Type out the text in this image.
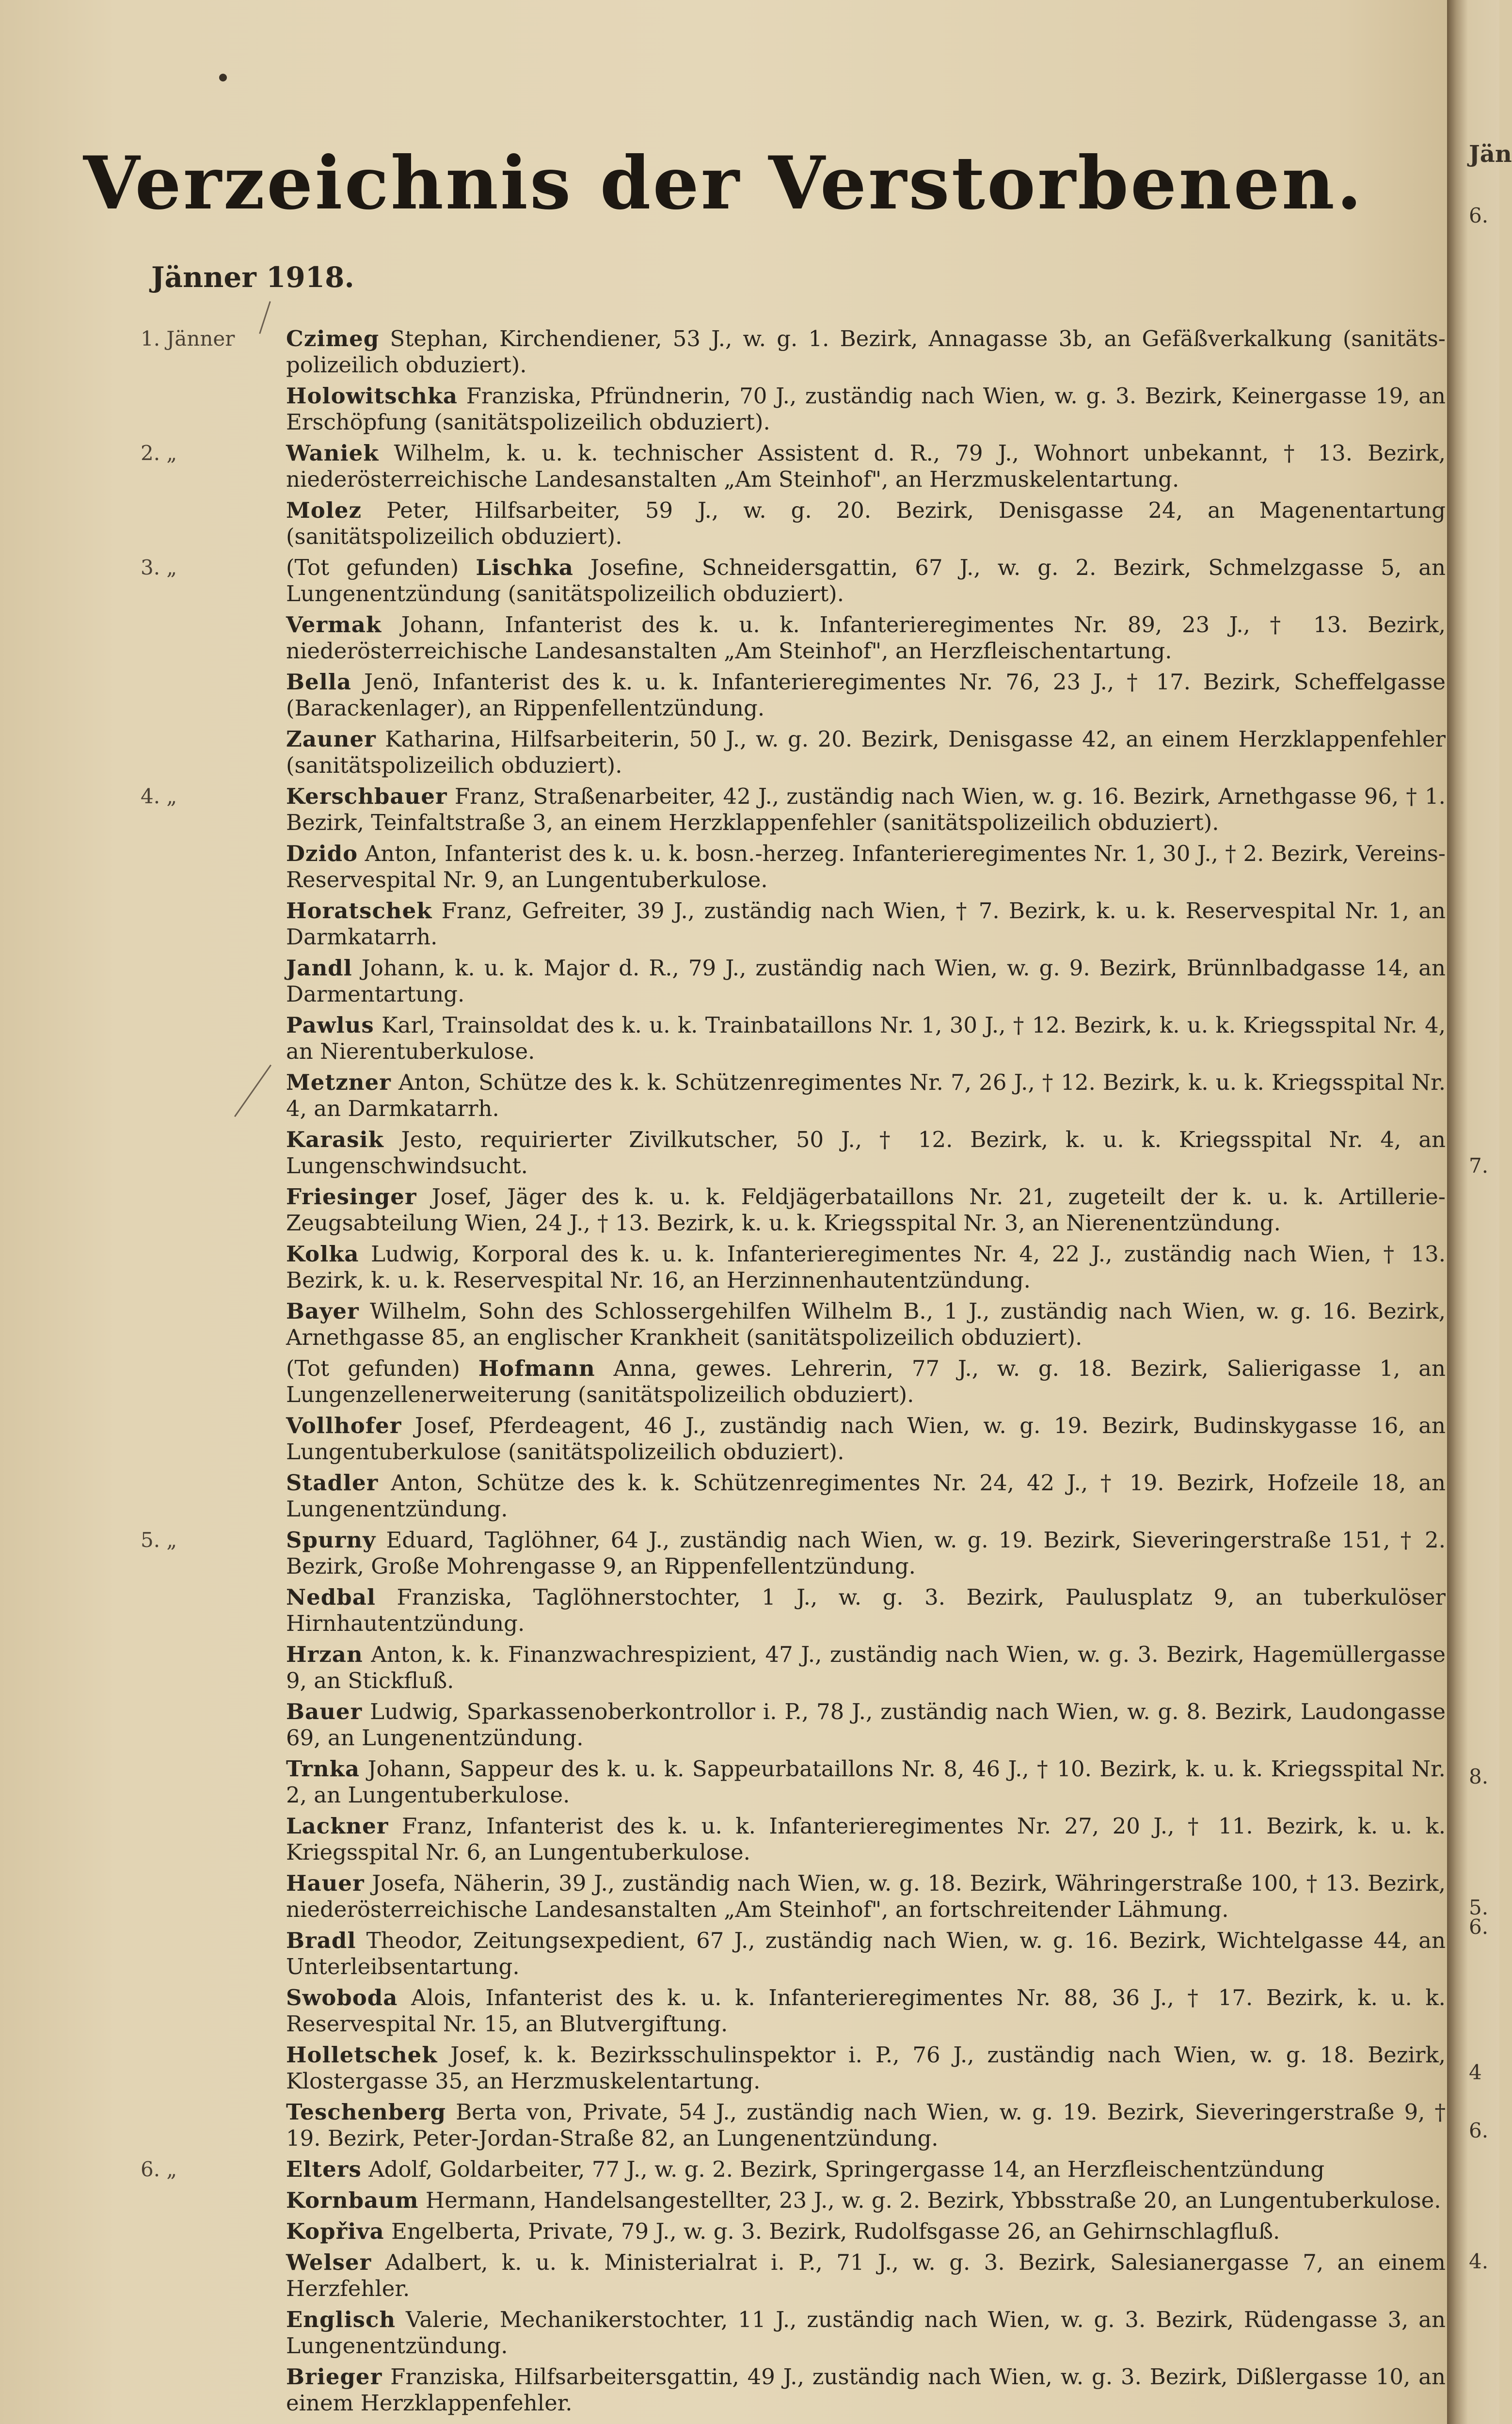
Verzeichnis der Verstorbenen.
Jänner 1918.
1. Jänner Czimeg Stephan, Kirchendiener, 53 J., w. g. 1. Bezirk, Annagasse 3b, an Gefäßverkalkung (sanitäts-polizeilich obduziert).
Holowitschka Franziska, Pfründnerin, 70 J., zuständig nach Wien, w. g. 3. Bezirk, Keinergasse 19, an Erschöpfung (sanitätspolizeilich obduziert).
2. „	Waniek Wilhelm, k. u. k. technischer Assistent d. R., 79 J., Wohnort unbekannt, † 13. Bezirk, niederösterreichische Landesanstalten „Am Steinhof", an Herzmuskelentartung.
Molez Peter, Hilfsarbeiter, 59 J., w. g. 20. Bezirk, Denisgasse 24, an Magenentartung (sanitätspolizeilich obduziert).
3. „	(Tot gefunden) Lischka Josefine, Schneidersgattin, 67 J., w. g. 2. Bezirk, Schmelzgasse 5, an Lungenentzündung (sanitätspolizeilich obduziert).
Vermak Johann, Infanterist des k. u. k. Infanterieregimentes Nr. 89, 23 J., † 13. Bezirk, niederösterreichische Landesanstalten „Am Steinhof", an Herzfleischentartung.
Bella Jenö, Infanterist des k. u. k. Infanterieregimentes Nr. 76, 23 J., † 17. Bezirk, Scheffelgasse (Barackenlager), an Rippenfellentzündung.
Zauner Katharina, Hilfsarbeiterin, 50 J., w. g. 20. Bezirk, Denisgasse 42, an einem Herzklappenfehler (sanitätspolizeilich obduziert).
4. „	Kerschbauer Franz, Straßenarbeiter, 42 J., zuständig nach Wien, w. g. 16. Bezirk, Arnethgasse 96, † 1. Bezirk, Teinfaltstraße 3, an einem Herzklappenfehler (sanitätspolizeilich obduziert).
Dzido Anton, Infanterist des k. u. k. bosn.-herzeg. Infanterieregimentes Nr. 1, 30 J., † 2. Bezirk, Vereins-Reservespital Nr. 9, an Lungentuberkulose.
Horatschek Franz, Gefreiter, 39 J., zuständig nach Wien, † 7. Bezirk, k. u. k. Reservespital Nr. 1, an Darmkatarrh.
Jandl Johann, k. u. k. Major d. R., 79 J., zuständig nach Wien, w. g. 9. Bezirk, Brünnlbadgasse 14, an Darmentartung.
Pawlus Karl, Trainsoldat des k. u. k. Trainbataillons Nr. 1, 30 J., † 12. Bezirk, k. u. k. Kriegsspital Nr. 4, an Nierentuberkulose.
Metzner Anton, Schütze des k. k. Schützenregimentes Nr. 7, 26 J., † 12. Bezirk, k. u. k. Kriegsspital Nr. 4, an Darmkatarrh.
Karasik Jesto, requirierter Zivilkutscher, 50 J., † 12. Bezirk, k. u. k. Kriegsspital Nr. 4, an Lungenschwindsucht.
Friesinger Josef, Jäger des k. u. k. Feldjägerbataillons Nr. 21, zugeteilt der k. u. k. Artillerie-Zeugsabteilung Wien, 24 J., † 13. Bezirk, k. u. k. Kriegsspital Nr. 3, an Nierenentzündung.
Kolka Ludwig, Korporal des k. u. k. Infanterieregimentes Nr. 4, 22 J., zuständig nach Wien, † 13. Bezirk, k. u. k. Reservespital Nr. 16, an Herzinnenhautentzündung.
Bayer Wilhelm, Sohn des Schlossergehilfen Wilhelm B., 1 J., zuständig nach Wien, w. g. 16. Bezirk, Arnethgasse 85, an englischer Krankheit (sanitätspolizeilich obduziert).
(Tot gefunden) Hofmann Anna, gewes. Lehrerin, 77 J., w. g. 18. Bezirk, Salierigasse 1, an Lungenzellenerweiterung (sanitätspolizeilich obduziert).
Vollhofer Josef, Pferdeagent, 46 J., zuständig nach Wien, w. g. 19. Bezirk, Budinskygasse 16, an Lungentuberkulose (sanitätspolizeilich obduziert).
Stadler Anton, Schütze des k. k. Schützenregimentes Nr. 24, 42 J., † 19. Bezirk, Hofzeile 18, an Lungenentzündung.
5. „	Spurny Eduard, Taglöhner, 64 J., zuständig nach Wien, w. g. 19. Bezirk, Sieveringerstraße 151, † 2. Bezirk, Große Mohrengasse 9, an Rippenfellentzündung.
Nedbal Franziska, Taglöhnerstochter, 1 J., w. g. 3. Bezirk, Paulusplatz 9, an tuberkulöser Hirnhautentzündung.
Hrzan Anton, k. k. Finanzwachrespizient, 47 J., zuständig nach Wien, w. g. 3. Bezirk, Hagemüllergasse 9, an Stickfluß.
Bauer Ludwig, Sparkassenoberkontrollor i. P., 78 J., zuständig nach Wien, w. g. 8. Bezirk, Laudongasse 69, an Lungenentzündung.
Trnka Johann, Sappeur des k. u. k. Sappeurbataillons Nr. 8, 46 J., † 10. Bezirk, k. u. k. Kriegsspital Nr. 2, an Lungentuberkulose.
Lackner Franz, Infanterist des k. u. k. Infanterieregimentes Nr. 27, 20 J., † 11. Bezirk, k. u. k. Kriegsspital Nr. 6, an Lungentuberkulose.
Hauer Josefa, Näherin, 39 J., zuständig nach Wien, w. g. 18. Bezirk, Währingerstraße 100, † 13. Bezirk, niederösterreichische Landesanstalten „Am Steinhof", an fortschreitender Lähmung.
Bradl Theodor, Zeitungsexpedient, 67 J., zuständig nach Wien, w. g. 16. Bezirk, Wichtelgasse 44, an Unterleibsentartung.
Swoboda Alois, Infanterist des k. u. k. Infanterieregimentes Nr. 88, 36 J., † 17. Bezirk, k. u. k. Reservespital Nr. 15, an Blutvergiftung.
Holletschek Josef, k. k. Bezirksschulinspektor i. P., 76 J., zuständig nach Wien, w. g. 18. Bezirk, Klostergasse 35, an Herzmuskelentartung.
Teschenberg Berta von, Private, 54 J., zuständig nach Wien, w. g. 19. Bezirk, Sieveringerstraße 9, † 19. Bezirk, Peter-Jordan-Straße 82, an Lungenentzündung.
6. „	Elters Adolf, Goldarbeiter, 77 J., w. g. 2. Bezirk, Springergasse 14, an Herzfleischentzündung
Kornbaum Hermann, Handelsangestellter, 23 J., w. g. 2. Bezirk, Ybbsstraße 20, an Lungentuberkulose.
Kopřiva Engelberta, Private, 79 J., w. g. 3. Bezirk, Rudolfsgasse 26, an Gehirnschlagfluß.
Welser Adalbert, k. u. k. Ministerialrat i. P., 71 J., w. g. 3. Bezirk, Salesianergasse 7, an einem Herzfehler.
Englisch Valerie, Mechanikerstochter, 11 J., zuständig nach Wien, w. g. 3. Bezirk, Rüdengasse 3, an Lungenentzündung.
Brieger Franziska, Hilfsarbeitersgattin, 49 J., zuständig nach Wien, w. g. 3. Bezirk, Dißlergasse 10, an einem Herzklappenfehler.
Jän
6.
7.
8.
5.
6.
4
6.
4.
